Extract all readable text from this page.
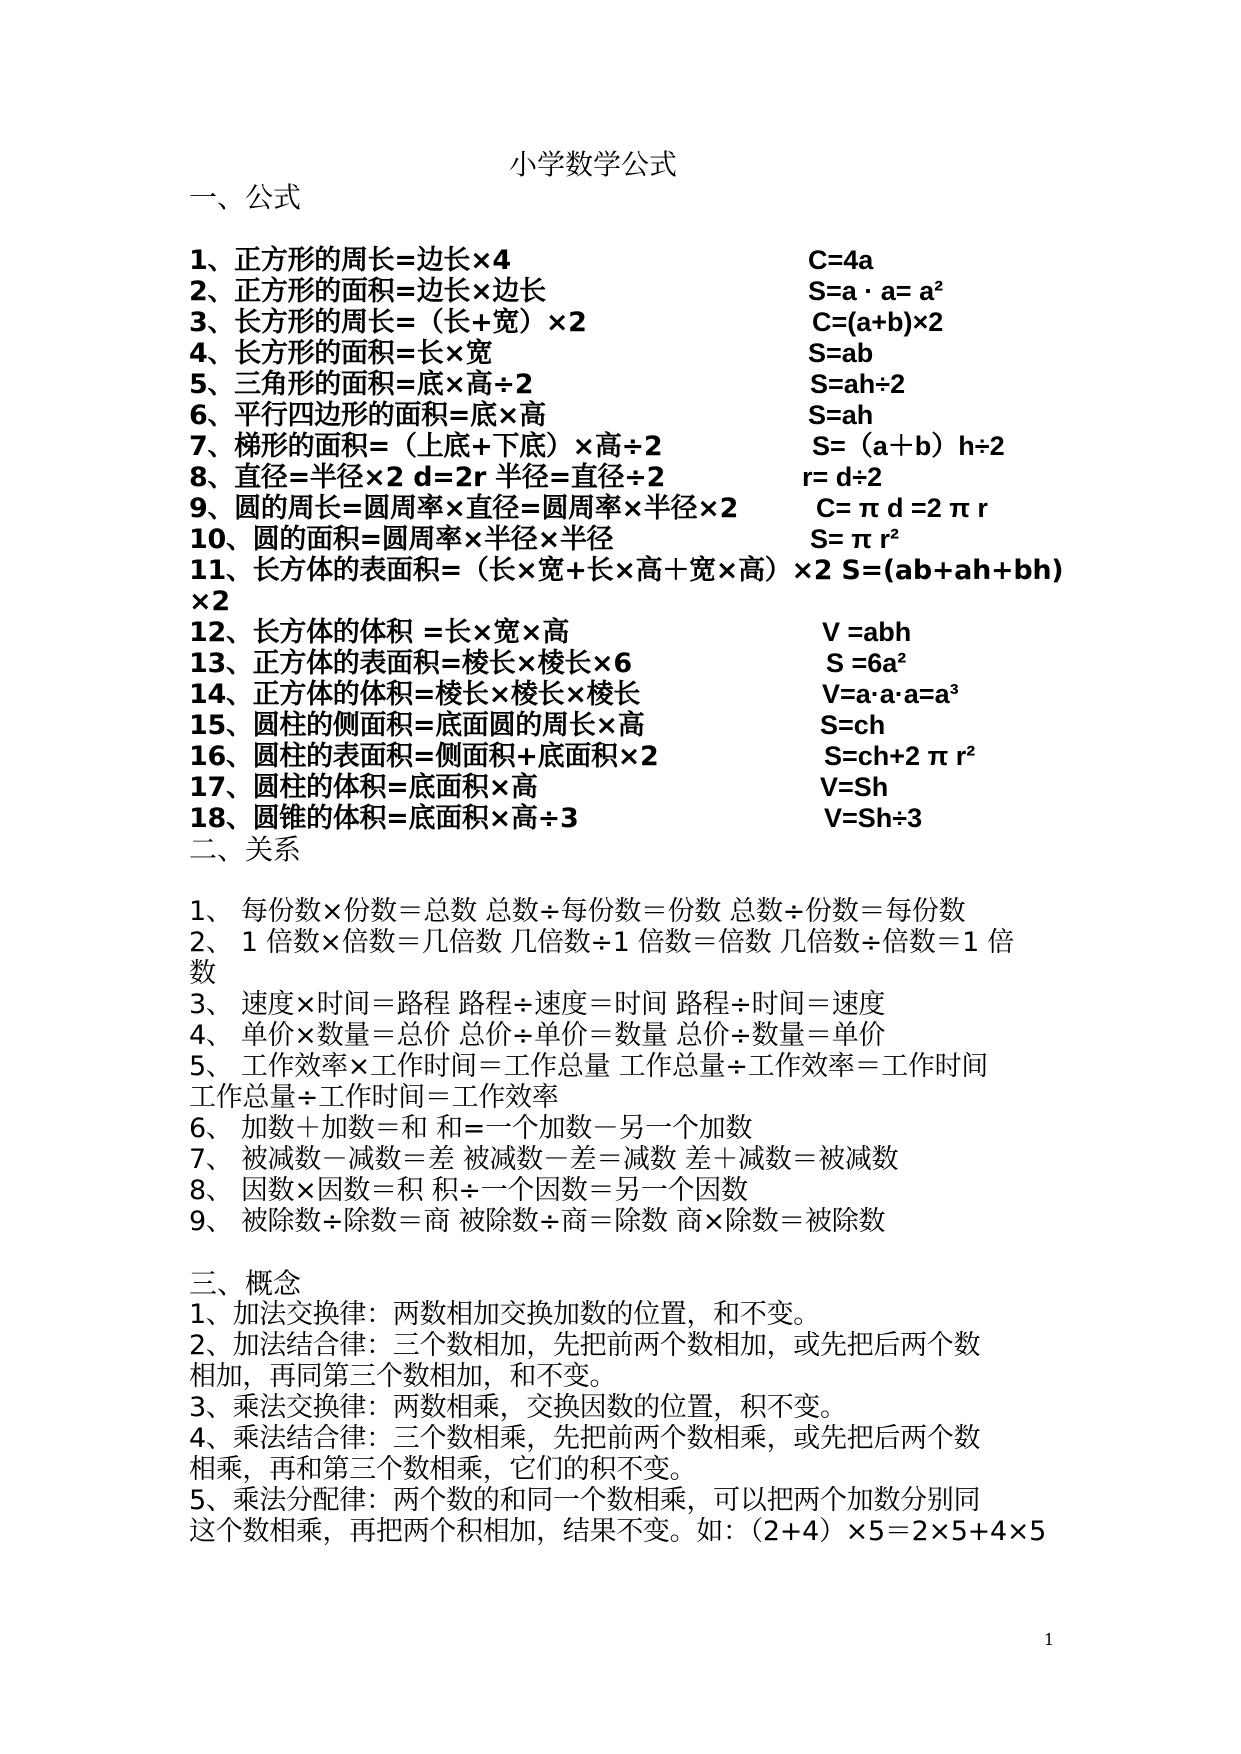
小学数学公式
一、公式
1、正方形的周长=边长×4	C=4a
2、正方形的面积=边长×边长	S=a · a= a²
3、长方形的周长=（长+宽）×2	C=(a+b)×2
4、长方形的面积=长×宽	S=ab
5、三角形的面积=底×高÷2	S=ah÷2
6、平行四边形的面积=底×高	S=ah
7、梯形的面积=（上底+下底）×高÷2	S=（a＋b）h÷2
8、直径=半径×2 d=2r 半径=直径÷2	r= d÷2
9、圆的周长=圆周率×直径=圆周率×半径×2	C= π d =2 π r
10、圆的面积=圆周率×半径×半径	S= π r²
11、长方体的表面积=（长×宽+长×高＋宽×高）×2 S=(ab+ah+bh)
×2
12、长方体的体积 =长×宽×高	V =abh
13、正方体的表面积=棱长×棱长×6	S =6a²
14、正方体的体积=棱长×棱长×棱长	V=a·a·a=a³
15、圆柱的侧面积=底面圆的周长×高	S=ch
16、圆柱的表面积=侧面积+底面积×2	S=ch+2 π r²
17、圆柱的体积=底面积×高	V=Sh
18、圆锥的体积=底面积×高÷3	V=Sh÷3
二、关系
1、 每份数×份数＝总数 总数÷每份数＝份数 总数÷份数＝每份数
2、 1 倍数×倍数＝几倍数 几倍数÷1 倍数＝倍数 几倍数÷倍数＝1 倍
数
3、 速度×时间＝路程 路程÷速度＝时间 路程÷时间＝速度
4、 单价×数量＝总价 总价÷单价＝数量 总价÷数量＝单价
5、 工作效率×工作时间＝工作总量 工作总量÷工作效率＝工作时间
工作总量÷工作时间＝工作效率
6、 加数＋加数＝和 和=一个加数－另一个加数
7、 被减数－减数＝差 被减数－差＝减数 差＋减数＝被减数
8、 因数×因数＝积 积÷一个因数＝另一个因数
9、 被除数÷除数＝商 被除数÷商＝除数 商×除数＝被除数
三、概念
1、加法交换律：两数相加交换加数的位置，和不变。
2、加法结合律：三个数相加，先把前两个数相加，或先把后两个数
相加，再同第三个数相加，和不变。
3、乘法交换律：两数相乘，交换因数的位置，积不变。
4、乘法结合律：三个数相乘，先把前两个数相乘，或先把后两个数
相乘，再和第三个数相乘，它们的积不变。
5、乘法分配律：两个数的和同一个数相乘，可以把两个加数分别同
这个数相乘，再把两个积相加，结果不变。如：（2+4）×5＝2×5+4×5
1
